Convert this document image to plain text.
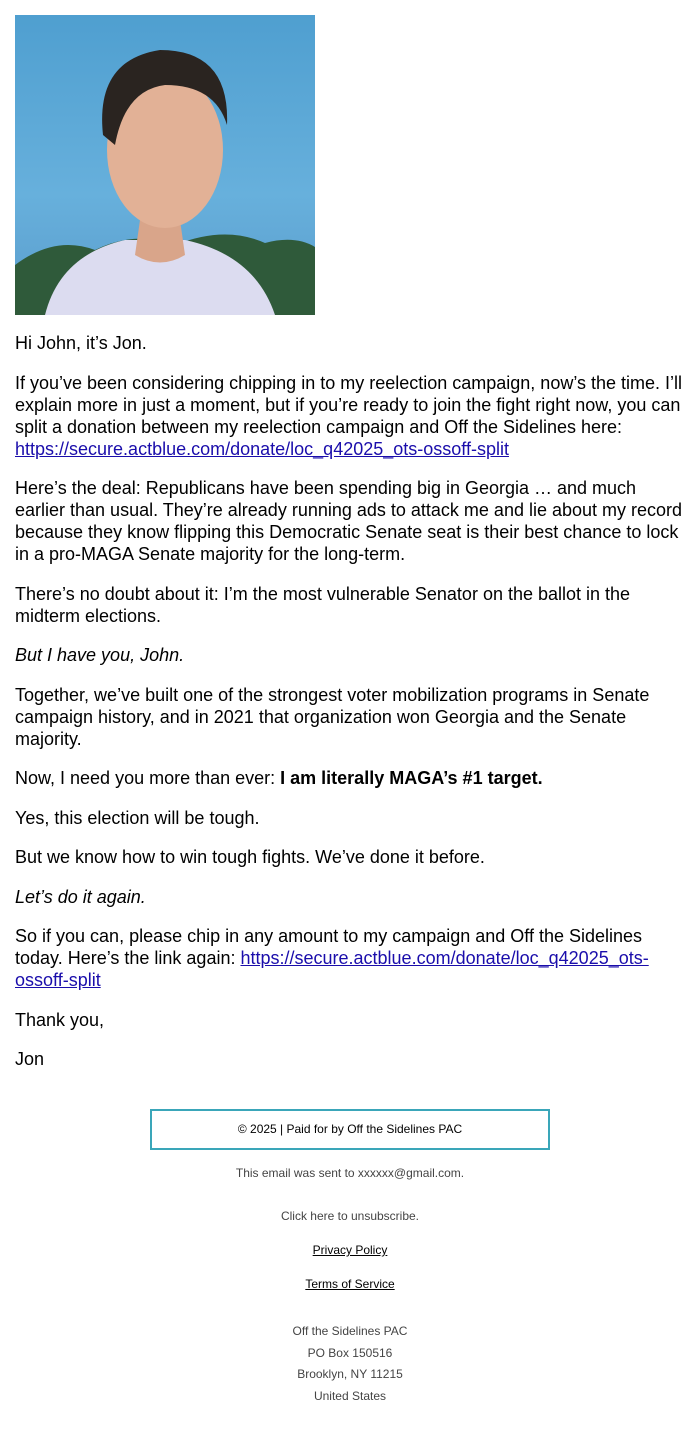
Hi John, it’s Jon.

If you’ve been considering chipping in to my reelection campaign, now’s the time. I’ll explain more in just a moment, but if you’re ready to join the fight right now, you can split a donation between my reelection campaign and Off the Sidelines here: https://secure.actblue.com/donate/loc_q42025_ots-ossoff-split

Here’s the deal: Republicans have been spending big in Georgia … and much earlier than usual. They’re already running ads to attack me and lie about my record because they know flipping this Democratic Senate seat is their best chance to lock in a pro-MAGA Senate majority for the long-term.

There’s no doubt about it: I’m the most vulnerable Senator on the ballot in the midterm elections.

But I have you, John.

Together, we’ve built one of the strongest voter mobilization programs in Senate campaign history, and in 2021 that organization won Georgia and the Senate majority.

Now, I need you more than ever: I am literally MAGA’s #1 target.

Yes, this election will be tough.

But we know how to win tough fights. We’ve done it before.

Let’s do it again.

So if you can, please chip in any amount to my campaign and Off the Sidelines today. Here’s the link again: https://secure.actblue.com/donate/loc_q42025_ots-ossoff-split

Thank you,

Jon

© 2025 | Paid for by Off the Sidelines PAC

This email was sent to xxxxxx@gmail.com.

Click here to unsubscribe.

Privacy Policy

Terms of Service

Off the Sidelines PAC
PO Box 150516
Brooklyn, NY 11215
United States
